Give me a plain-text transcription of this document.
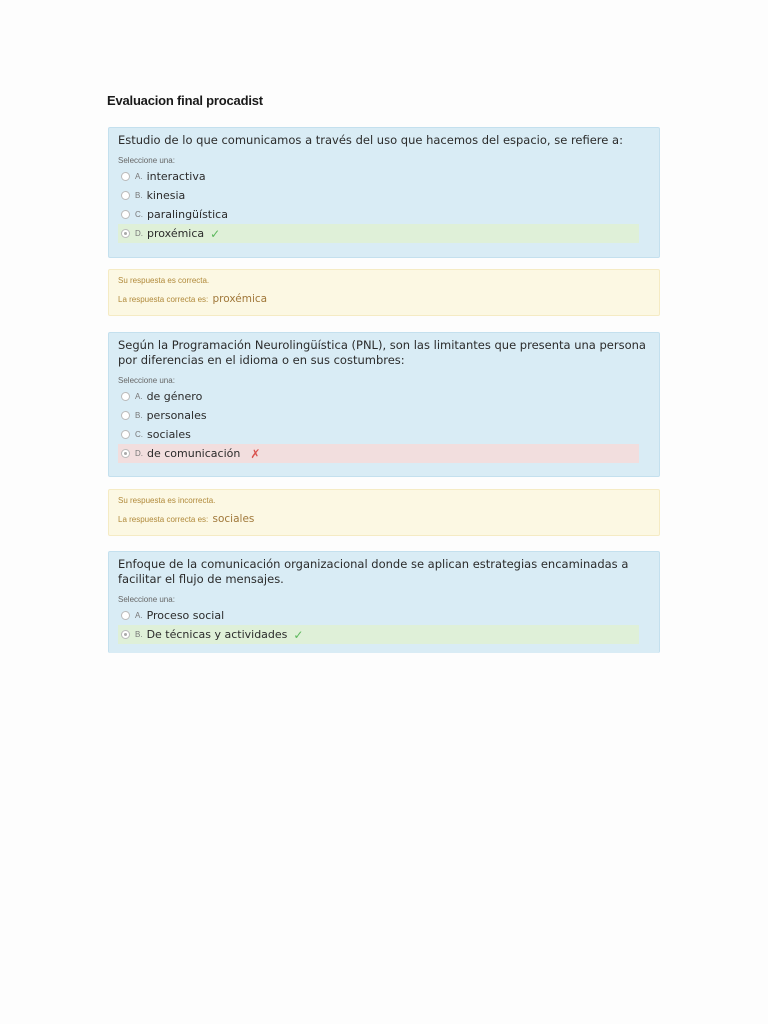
Evaluacion final procadist
Estudio de lo que comunicamos a través del uso que hacemos del espacio, se refiere a:
Seleccione una:
A. interactiva
B. kinesia
C. paralingüística
D. proxémica ✓
Su respuesta es correcta.
La respuesta correcta es: proxémica
Según la Programación Neurolingüística (PNL), son las limitantes que presenta una persona por diferencias en el idioma o en sus costumbres:
Seleccione una:
A. de género
B. personales
C. sociales
D. de comunicación ✗
Su respuesta es incorrecta.
La respuesta correcta es: sociales
Enfoque de la comunicación organizacional donde se aplican estrategias encaminadas a facilitar el flujo de mensajes.
Seleccione una:
A. Proceso social
B. De técnicas y actividades ✓
